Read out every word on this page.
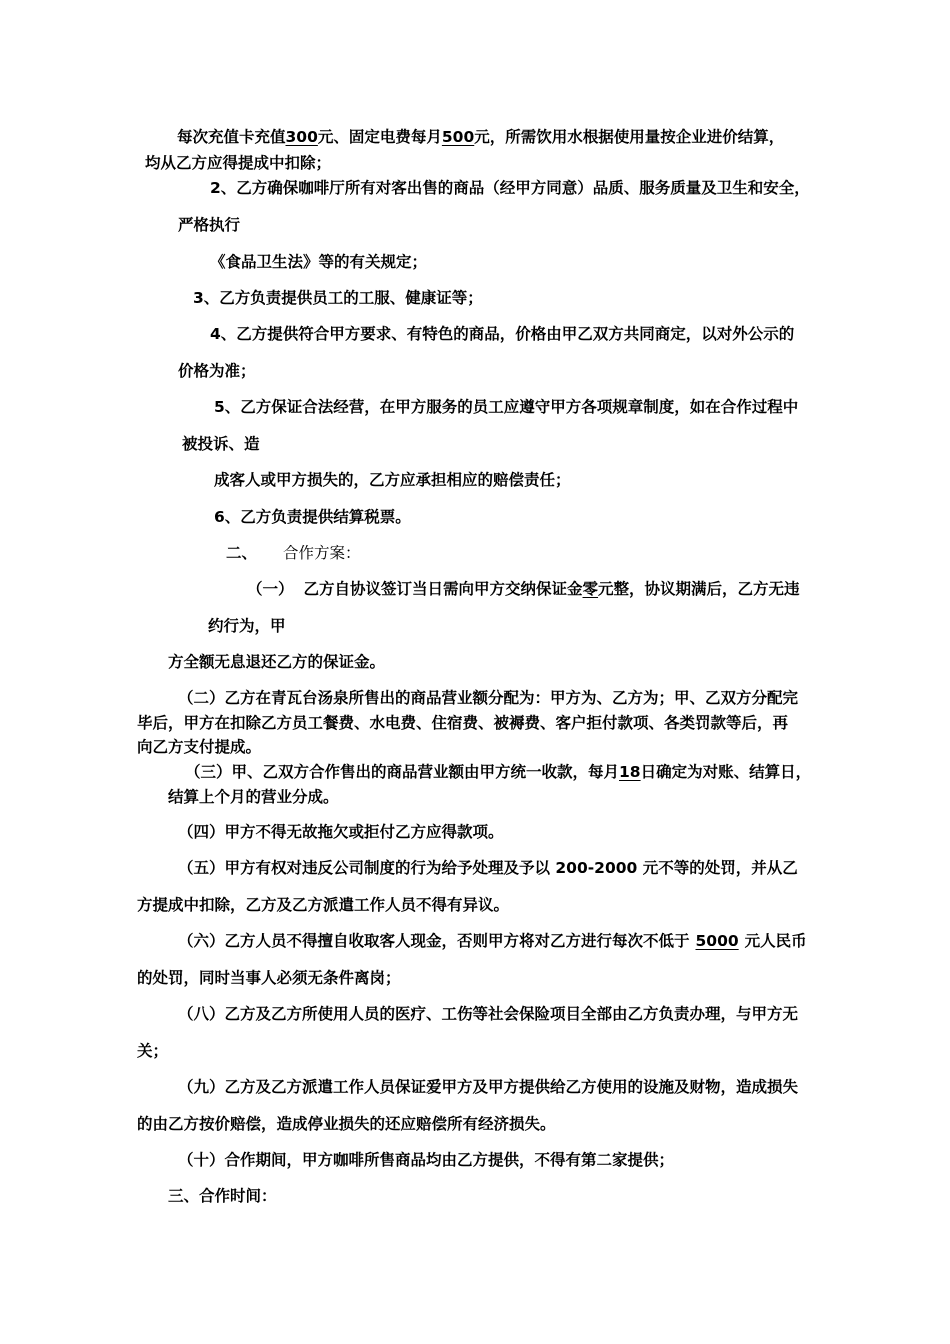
每次充值卡充值300元、固定电费每月500元，所需饮用水根据使用量按企业进价结算，
均从乙方应得提成中扣除；
2、乙方确保咖啡厅所有对客出售的商品（经甲方同意）品质、服务质量及卫生和安全，
严格执行
《食品卫生法》等的有关规定；
3、乙方负责提供员工的工服、健康证等；
4、乙方提供符合甲方要求、有特色的商品，价格由甲乙双方共同商定，以对外公示的
价格为准；
5、乙方保证合法经营，在甲方服务的员工应遵守甲方各项规章制度，如在合作过程中
被投诉、造
成客人或甲方损失的，乙方应承担相应的赔偿责任；
6、乙方负责提供结算税票。
二、 合作方案：
（一） 乙方自协议签订当日需向甲方交纳保证金零元整，协议期满后，乙方无违
约行为，甲
方全额无息退还乙方的保证金。
（二）乙方在青瓦台汤泉所售出的商品营业额分配为：甲方为、乙方为；甲、乙双方分配完
毕后，甲方在扣除乙方员工餐费、水电费、住宿费、被褥费、客户拒付款项、各类罚款等后，再
向乙方支付提成。
（三）甲、乙双方合作售出的商品营业额由甲方统一收款，每月18日确定为对账、结算日，
结算上个月的营业分成。
（四）甲方不得无故拖欠或拒付乙方应得款项。
（五）甲方有权对违反公司制度的行为给予处理及予以 200-2000 元不等的处罚，并从乙
方提成中扣除，乙方及乙方派遣工作人员不得有异议。
（六）乙方人员不得擅自收取客人现金，否则甲方将对乙方进行每次不低于 5000 元人民币
的处罚，同时当事人必须无条件离岗；
（八）乙方及乙方所使用人员的医疗、工伤等社会保险项目全部由乙方负责办理，与甲方无
关；
（九）乙方及乙方派遣工作人员保证爱甲方及甲方提供给乙方使用的设施及财物，造成损失
的由乙方按价赔偿，造成停业损失的还应赔偿所有经济损失。
（十）合作期间，甲方咖啡所售商品均由乙方提供，不得有第二家提供；
三、合作时间：
